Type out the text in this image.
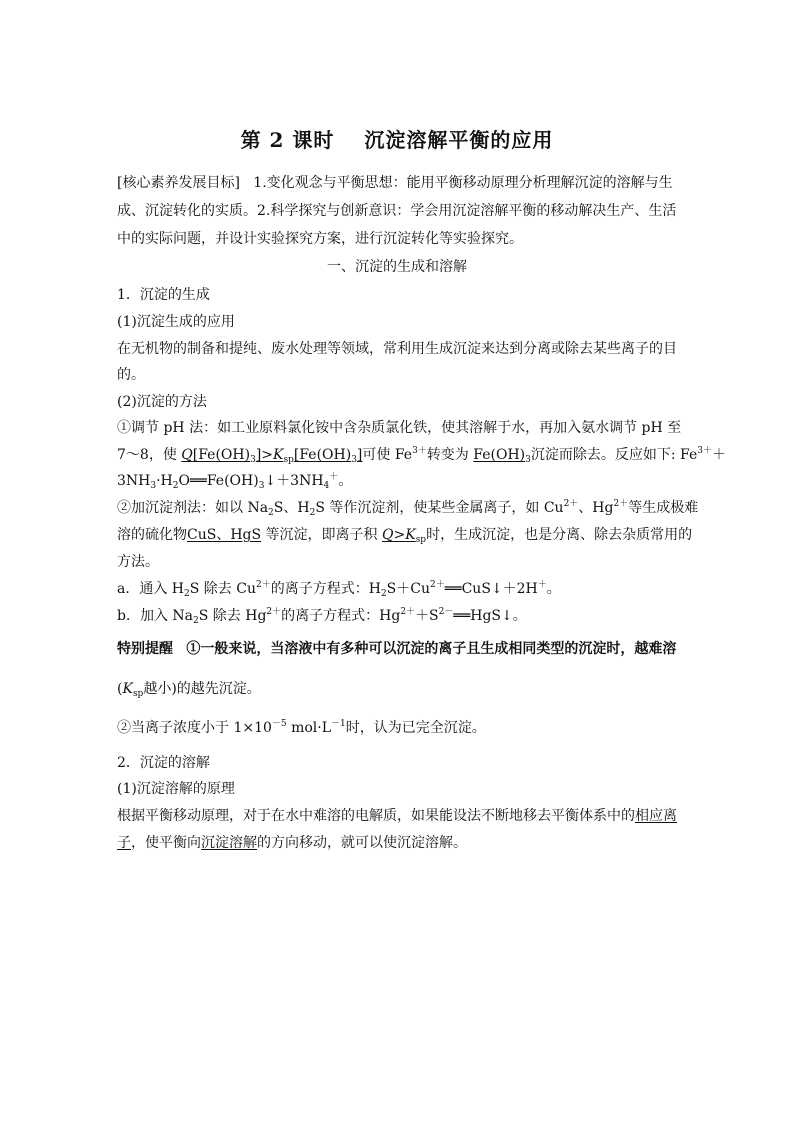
第 2 课时 沉淀溶解平衡的应用
[核心素养发展目标] 1.变化观念与平衡思想：能用平衡移动原理分析理解沉淀的溶解与生
成、沉淀转化的实质。2.科学探究与创新意识：学会用沉淀溶解平衡的移动解决生产、生活
中的实际问题，并设计实验探究方案，进行沉淀转化等实验探究。
一、沉淀的生成和溶解
1．沉淀的生成
(1)沉淀生成的应用
在无机物的制备和提纯、废水处理等领域，常利用生成沉淀来达到分离或除去某些离子的目
的。
(2)沉淀的方法
①调节 pH 法：如工业原料氯化铵中含杂质氯化铁，使其溶解于水，再加入氨水调节 pH 至
7～8，使 $Q[Fe(OH)_3]>K_{sp}[Fe(OH)_3]$可使 $Fe^{3+}$转变为 $Fe(OH)_3$沉淀而除去。反应如下: $Fe^{3+}+$
$3NH_3\cdot H_2O══Fe(OH)_3↓+3NH_4^+$。
②加沉淀剂法：如以 $Na_2S$、$H_2S$ 等作沉淀剂，使某些金属离子，如 $Cu^{2+}$、$Hg^{2+}$等生成极难
溶的硫化物CuS、HgS 等沉淀，即离子积 $Q>K_{sp}$时，生成沉淀，也是分离、除去杂质常用的
方法。
a．通入 $H_2S$ 除去 $Cu^{2+}$的离子方程式：$H_2S+Cu^{2+}══CuS↓+2H^+$。
b．加入 $Na_2S$ 除去 $Hg^{2+}$的离子方程式：$Hg^{2+}+S^{2-}══HgS↓$。
特别提醒 ①一般来说，当溶液中有多种可以沉淀的离子且生成相同类型的沉淀时，越难溶
($K_{sp}$越小)的越先沉淀。
②当离子浓度小于 $1\times 10^{-5}$ $mol\cdot L^{-1}$时，认为已完全沉淀。
2．沉淀的溶解
(1)沉淀溶解的原理
根据平衡移动原理，对于在水中难溶的电解质，如果能设法不断地移去平衡体系中的相应离
子，使平衡向沉淀溶解的方向移动，就可以使沉淀溶解。
